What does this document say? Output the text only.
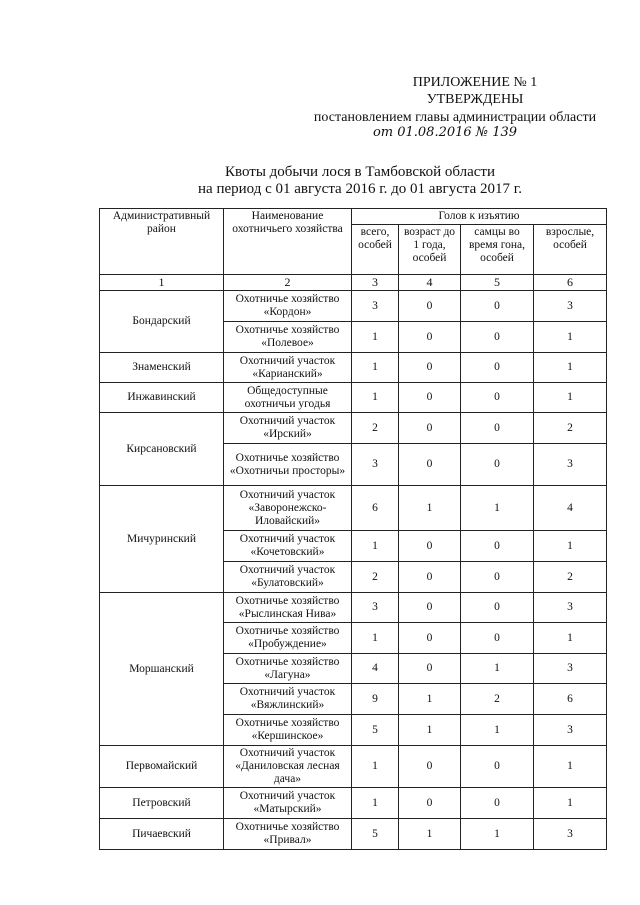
ПРИЛОЖЕНИЕ № 1
УТВЕРЖДЕНЫ
постановлением главы администрации области
от 01.08.2016 № 139
Квоты добычи лося в Тамбовской области
на период с 01 августа 2016 г. до 01 августа 2017 г.
Административный район	Наименование охотничьего хозяйства	Голов к изъятию			
		всего, особей	возраст до 1 года, особей	самцы во время гона, особей	взрослые, особей
1	2	3	4	5	6
Бондарский	Охотничье хозяйство «Кордон»	3	0	0	3
	Охотничье хозяйство «Полевое»	1	0	0	1
Знаменский	Охотничий участок «Карианский»	1	0	0	1
Инжавинский	Общедоступные охотничьи угодья	1	0	0	1
Кирсановский	Охотничий участок «Ирский»	2	0	0	2
	Охотничье хозяйство «Охотничьи просторы»	3	0	0	3
Мичуринский	Охотничий участок «Заворонежско-Иловайский»	6	1	1	4
	Охотничий участок «Кочетовский»	1	0	0	1
	Охотничий участок «Булатовский»	2	0	0	2
Моршанский	Охотничье хозяйство «Рыслинская Нива»	3	0	0	3
	Охотничье хозяйство «Пробуждение»	1	0	0	1
	Охотничье хозяйство «Лагуна»	4	0	1	3
	Охотничий участок «Вяжлинский»	9	1	2	6
	Охотничье хозяйство «Кершинское»	5	1	1	3
Первомайский	Охотничий участок «Даниловская лесная дача»	1	0	0	1
Петровский	Охотничий участок «Матырский»	1	0	0	1
Пичаевский	Охотничье хозяйство «Привал»	5	1	1	3
